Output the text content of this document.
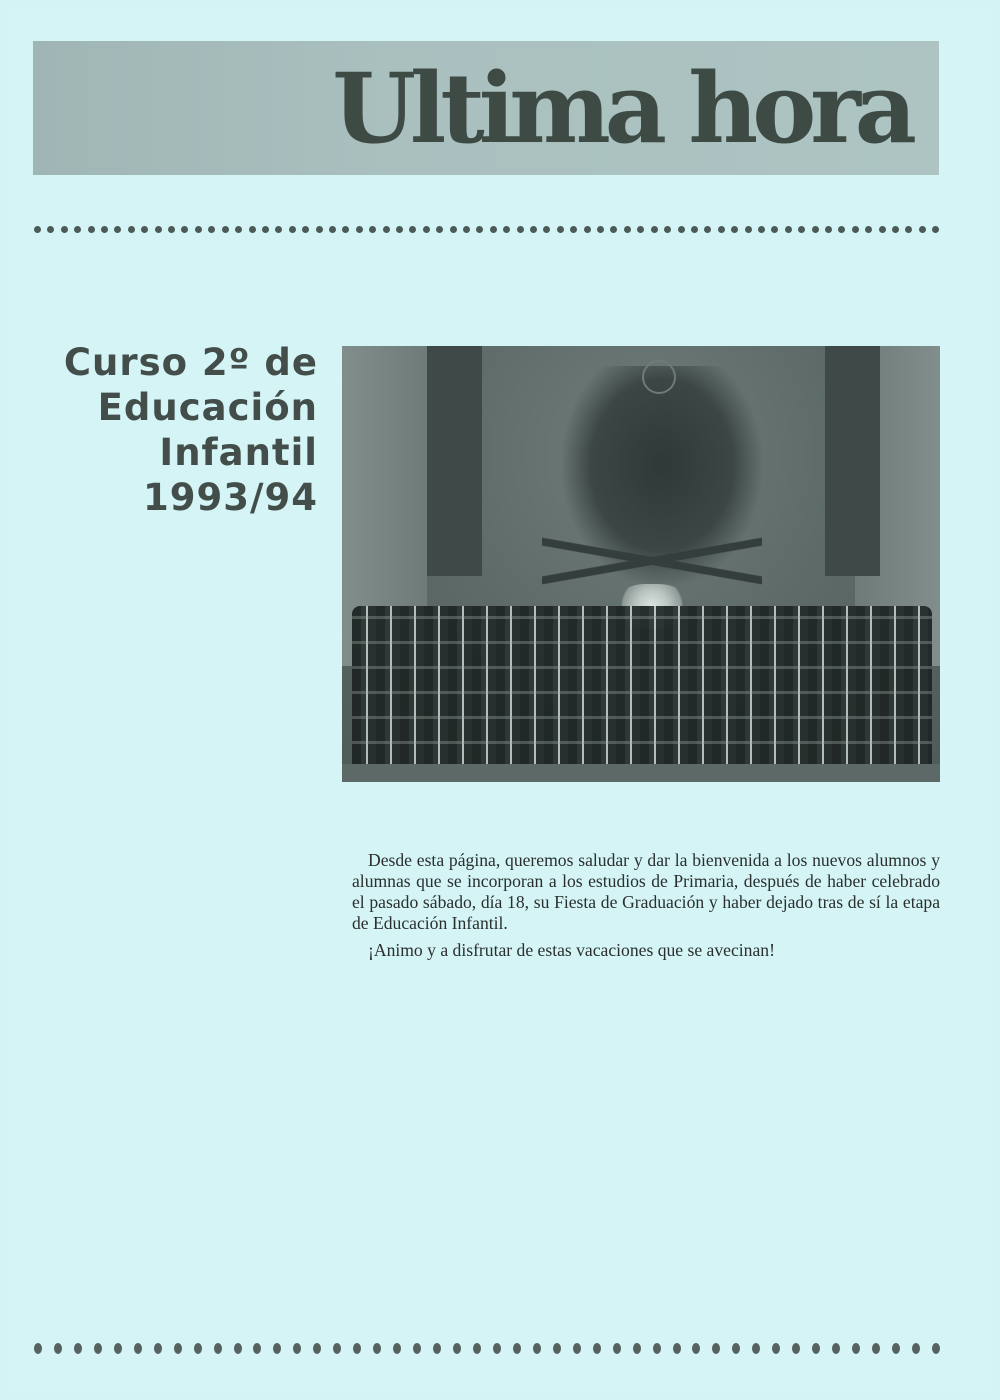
Ultima hora
Curso 2º de
Educación
Infantil
1993/94

Desde esta página, queremos saludar y dar la bienvenida a los nuevos alumnos y alumnas que se incorporan a los estudios de Primaria, después de haber celebrado el pasado sábado, día 18, su Fiesta de Graduación y haber dejado tras de sí la etapa de Educación Infantil.

¡Animo y a disfrutar de estas vacaciones que se avecinan!
